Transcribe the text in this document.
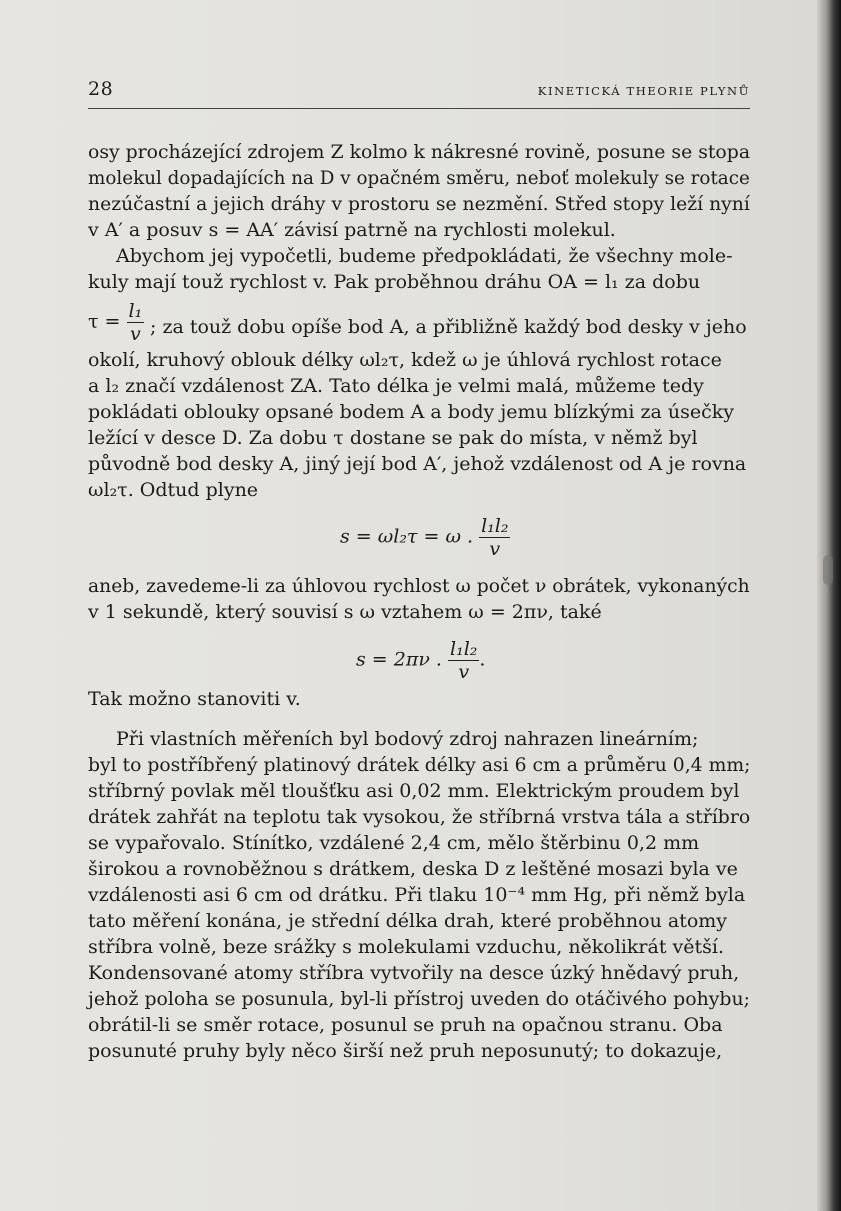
28	KINETICKÁ THEORIE PLYNŮ
osy procházející zdrojem Z kolmo k nákresné rovině, posune se stopa
molekul dopadajících na D v opačném směru, neboť molekuly se rotace
nezúčastní a jejich dráhy v prostoru se nezmění. Střed stopy leží nyní
v A′ a posuv s = AA′ závisí patrně na rychlosti molekul.
Abychom jej vypočetli, budeme předpokládati, že všechny mole-
kuly mají touž rychlost v. Pak proběhnou dráhu OA = l₁ za dobu
$\tau = \frac{\text{l₁}}{v}$ ; za touž dobu opíše bod A, a přibližně každý bod desky v jeho
okolí, kruhový oblouk délky ωl₂τ, kdež ω je úhlová rychlost rotace
a l₂ značí vzdálenost ZA. Tato délka je velmi malá, můžeme tedy
pokládati oblouky opsané bodem A a body jemu blízkými za úsečky
ležící v desce D. Za dobu τ dostane se pak do místa, v němž byl
původně bod desky A, jiný její bod A′, jehož vzdálenost od A je rovna
ωl₂τ. Odtud plyne
s = ωl₂τ = ω . $\frac{\text{l₁l₂}}{v}$
aneb, zavedeme-li za úhlovou rychlost ω počet ν obrátek, vykonaných
v 1 sekundě, který souvisí s ω vztahem ω = 2πν, také
s = 2πν . $\frac{\text{l₁l₂}}{v}$ .
Tak možno stanoviti v.
Při vlastních měřeních byl bodový zdroj nahrazen lineárním;
byl to postříbřený platinový drátek délky asi 6 cm a průměru 0,4 mm;
stříbrný povlak měl tloušťku asi 0,02 mm. Elektrickým proudem byl
drátek zahřát na teplotu tak vysokou, že stříbrná vrstva tála a stříbro
se vypařovalo. Stínítko, vzdálené 2,4 cm, mělo štěrbinu 0,2 mm
širokou a rovnoběžnou s drátkem, deska D z leštěné mosazi byla ve
vzdálenosti asi 6 cm od drátku. Při tlaku 10⁻⁴ mm Hg, při němž byla
tato měření konána, je střední délka drah, které proběhnou atomy
stříbra volně, beze srážky s molekulami vzduchu, několikrát větší.
Kondensované atomy stříbra vytvořily na desce úzký hnědavý pruh,
jehož poloha se posunula, byl-li přístroj uveden do otáčivého pohybu;
obrátil-li se směr rotace, posunul se pruh na opačnou stranu. Oba
posunuté pruhy byly něco širší než pruh neposunutý; to dokazuje,
